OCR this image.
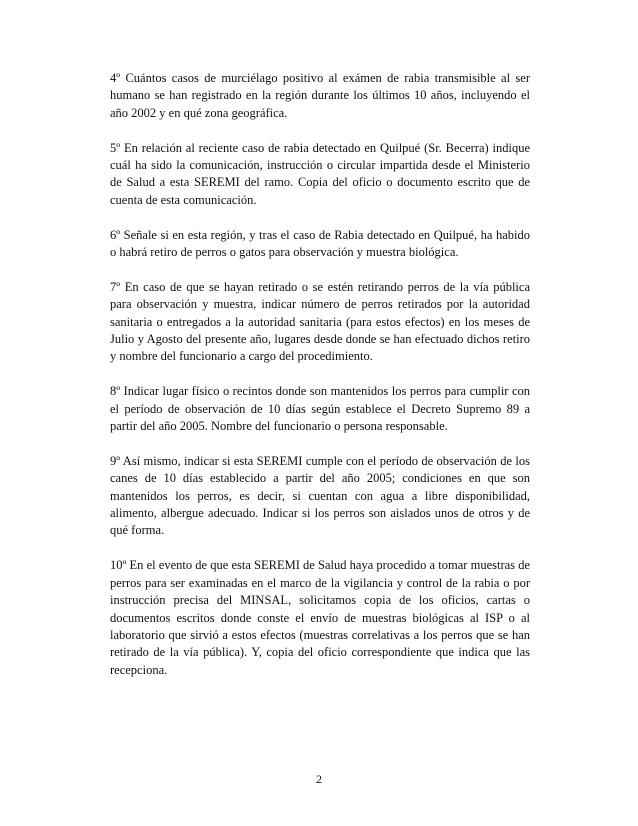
4º Cuántos casos de murciélago positivo al exámen de rabia transmisible al ser humano se han registrado en la región durante los últimos 10 años, incluyendo el año 2002 y en qué zona geográfica.

5º En relación al reciente caso de rabia detectado en Quilpué (Sr. Becerra) indique cuál ha sido la comunicación, instrucción o circular impartida desde el Ministerio de Salud a esta SEREMI del ramo. Copia del oficio o documento escrito que de cuenta de esta comunicación.

6º Señale si en esta región, y tras el caso de Rabia detectado en Quilpué, ha habido o habrá retiro de perros o gatos para observación y muestra biológica.

7º En caso de que se hayan retirado o se estén retirando perros de la vía pública para observación y muestra, indicar número de perros retirados por la autoridad sanitaria o entregados a la autoridad sanitaria (para estos efectos) en los meses de Julio y Agosto del presente año, lugares desde donde se han efectuado dichos retiro y nombre del funcionario a cargo del procedimiento.

8º Indicar lugar físico o recintos donde son mantenidos los perros para cumplir con el período de observación de 10 días según establece el Decreto Supremo 89 a partir del año 2005. Nombre del funcionario o persona responsable.

9º Así mismo, indicar si esta SEREMI cumple con el período de observación de los canes de 10 días establecido a partir del año 2005; condiciones en que son mantenidos los perros, es decir, si cuentan con agua a libre disponibilidad, alimento, albergue adecuado. Indicar si los perros son aislados unos de otros y de qué forma.

10º En el evento de que esta SEREMI de Salud haya procedido a tomar muestras de perros para ser examinadas en el marco de la vigilancia y control de la rabia o por instrucción precisa del MINSAL, solicitamos copia de los oficios, cartas o documentos escritos donde conste el envío de muestras biológicas al ISP o al laboratorio que sirvió a estos efectos (muestras correlativas a los perros que se han retirado de la vía pública). Y, copia del oficio correspondiente que indica que las recepciona.

2
